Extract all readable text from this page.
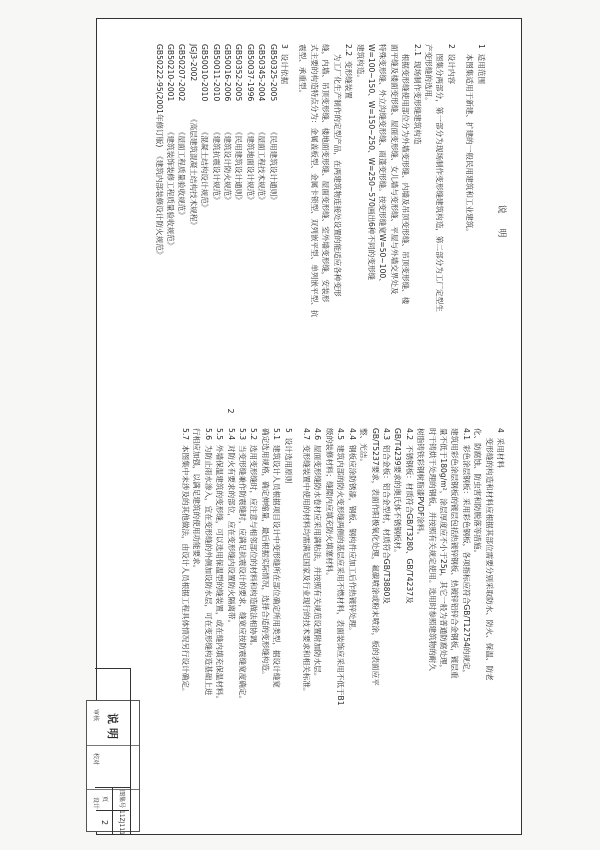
审核
校对
设计
说 明

1  适用范围

本图集适用于新建、扩建的一般民用建筑和工业建筑。

2  设计内容

图集分两部分，第一部分为现场制作变形缝建筑构造，第二部分为工厂定型生

产变形缝的选用。

2.1  现场制作变形缝建筑构造

根据变形缝使用部位分为外墙变形缝、内墙及吊顶变形缝、吊顶变形缝、楼

面平缝及楼面变形缝、屋面变形缝、女儿墙与变形缝、平屋与外墙交界处及

特殊变形缝、外立沟缝变形缝、雨篷变形缝。按变形缝宽W=50~100、

W=100~150、W=150~250、W=250~570画出6种不同的变形缝

建筑构造。

2.2  变形缝装置

为工厂化生产制作的定型产品，在两建筑物连接处设置的能适应各种变形

缝，内墙、吊顶变形缝、楼地面变形缝、屋面变形缝、室外墙变形缝，安装形

式主要的构造特点分为：金属盖板型、金属卡锁型、双列嵌平型、单列嵌平型、抗

震型、承重型。

3  设计依据

GB50325-2005           《民用建筑设计通则》

GB50345-2004           《屋面工程技术规范》

GB50037-1996           《建筑地面设计规范》

GB50352-2005           《民用建筑设计通则》

GB50016-2006           《建筑设计防火规范》

GB50011-2010           《建筑抗震设计规范》

GB50010-2010           《混凝土结构设计规范》

JGJ3-2002              《高层建筑混凝土结构技术规程》

GB50207-2002           《屋面工程质量验收规范》

GB50210-2001           《建筑装饰装修工程质量验收规范》

GB50222-95(2001年修订版)  《建筑内部装修设计防火规范》

2

4  采用材料

变形缝的构造和材料应根据其部位需要分别采取防水、防火、保温、防老

化、防腐蚀、防虫害和防脱落等措施。

4.1  彩色涂层钢板：采用彩色钢板，各项指标应符合GB/T12754的规定，

建筑用彩色涂层钢板的镀层包括热镀锌钢板、热镀锌铝锌合金钢板，镀层重

量不低于180g/m²，涂层厚度应不小于25μ，其它一般为普通防腐处理，

时干铸烘干处理的钢板，并按照有关规定使用。选用时参照建筑物的耐久

树脂铸铁彩钢树脂漆PVDF涂料。

4.2  不锈钢板：材质符合GB/T3280、GB/T4237及

GB/T4239要求的奥氏体不锈钢板材。

4.3  铝合金板：铝合金型材，材质符合GB/T3880及

GB/T5237要求，表面作阳极氧化处理，氟碳喷涂或粉末喷涂，板的表面应平

整、光洁。

4.4  钢板应涂防锈漆，钢板、钢构件应加工后作热镀锌处理。

4.5  建筑内部的防火变形缝两侧的基层应采用不燃材料，表面装饰应采用不低于B1

级的装修材料；缝隙内应填充防火填塞材料。

4.6  屋面变形缝防水卷材应采用满粘法，并按照有关规范设置附加防水层。

4.7  变形缝装置中使用的材料均需满足国家及行业现行的技术要求和相关标准。

5  设计选用原则

5.1  建筑设计人员根据项目设计中变形缝所在部位确定所用类型，据设计缝宽

确定选用规格，确定伸缩量，最后根据实际情况，选择合适的变形缝构造。

5.2  选用变形缝时，应注意与相邻部位的材料和构造做法相协调。

5.3  当变形缝兼作防震缝时，应满足抗震设计的要求，缝宽应按防震缝宽度确定。

5.4  对防火有要求的部位，应在变形缝内设置防火隔离带。

5.5  外墙保温建筑的变形缝，可以选用保温型的缝装置，或在缝内填充保温材料。

5.6  为防止雨水渗入，宜在变形缝的外侧加设防水层，可在变形缝构造基础上进

行相应加强，以满足建筑的使用功能要求。

5.7  本图集中未涉及的其他做法，由设计人员根据工程具体情况另行设计确定。

说明
图集号
11ZJ111
页
2
